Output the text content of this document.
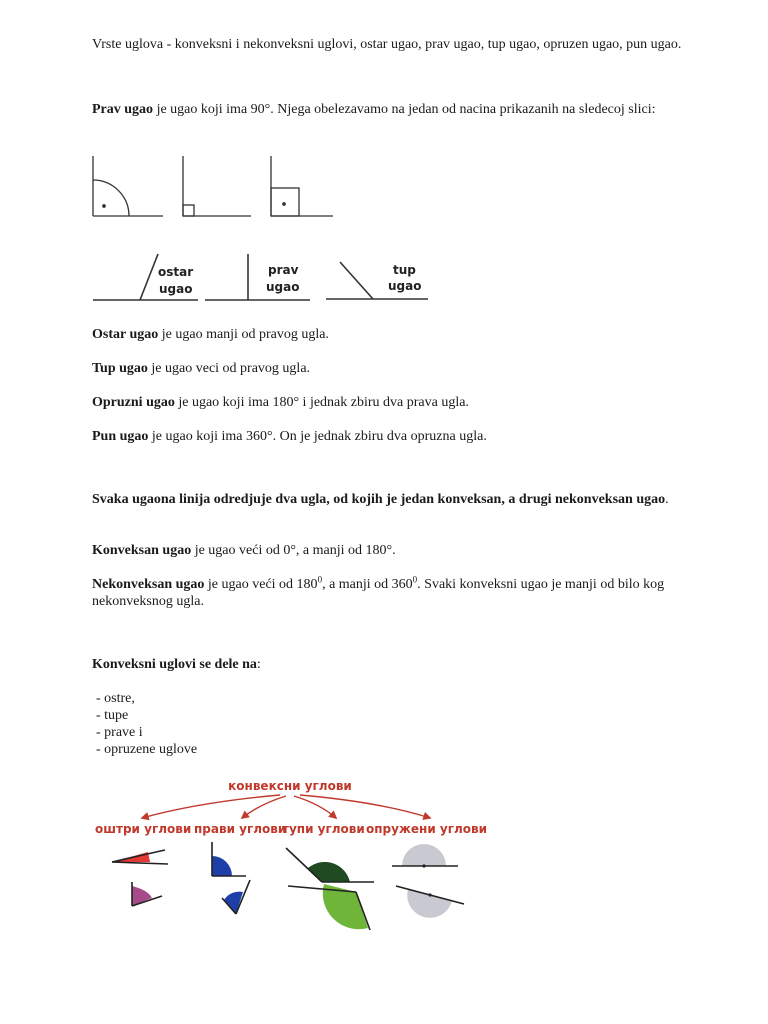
Vrste uglova - konveksni i nekonveksni uglovi, ostar ugao, prav ugao, tup ugao, opruzen ugao, pun ugao.

Prav ugao je ugao koji ima 90°. Njega obelezavamo na jedan od nacina prikazanih na sledecoj slici:

ostar
ugao
prav
ugao
tup
ugao

Ostar ugao je ugao manji od pravog ugla.

Tup ugao je ugao veci od pravog ugla.

Opruzni ugao je ugao koji ima 180° i jednak zbiru dva prava ugla.

Pun ugao je ugao koji ima 360°. On je jednak zbiru dva opruzna ugla.

Svaka ugaona linija odredjuje dva ugla, od kojih je jedan konveksan, a drugi nekonveksan ugao.

Konveksan ugao je ugao veći od 0°, a manji od 180°.

Nekonveksan ugao je ugao veći od $180^0$, a manji od $360^0$. Svaki konveksni ugao je manji od bilo kog nekonveksnog ugla.

Konveksni uglovi se dele na:

- ostre,
- tupe
- prave i
- opruzene uglove
конвексни углови
оштри углови прави углови
тупи углови опружени углови
